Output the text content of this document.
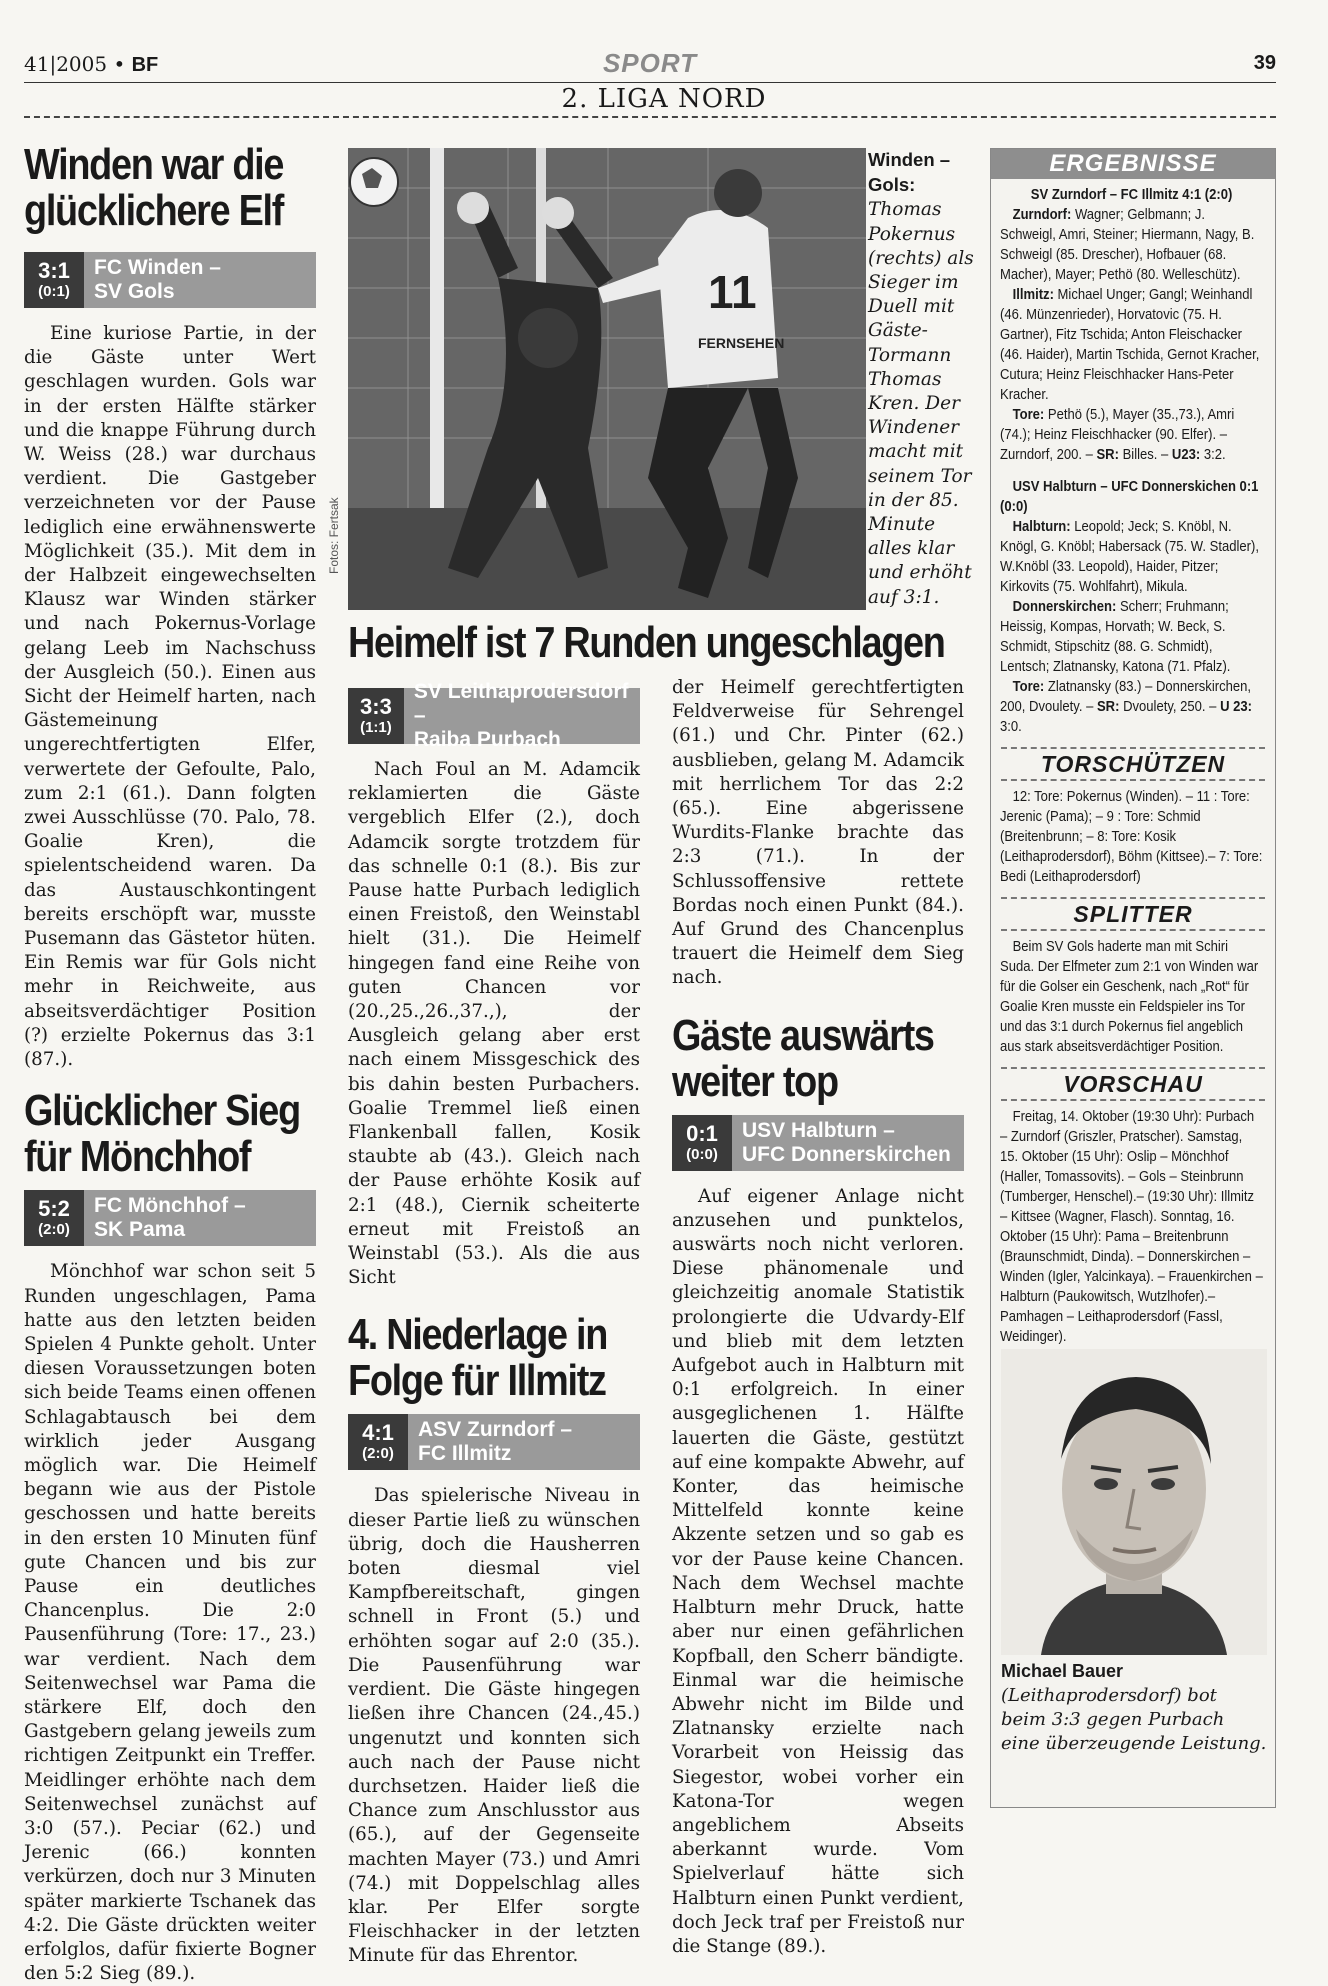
41|2005 • BF	SPORT	39
2. LIGA NORD
Winden war die
glücklichere Elf
3:1
(0:1)
FC Winden –
SV Gols

Eine kuriose Partie, in der die Gäste unter Wert geschlagen wurden. Gols war in der ersten Hälfte stärker und die knappe Führung durch W. Weiss (28.) war durchaus verdient. Die Gastgeber verzeichneten vor der Pause lediglich eine erwähnenswerte Möglichkeit (35.). Mit dem in der Halbzeit eingewechselten Klausz war Winden stärker und nach Pokernus-Vorlage gelang Leeb im Nachschuss der Ausgleich (50.). Einen aus Sicht der Heimelf harten, nach Gästemeinung ungerechtfertigten Elfer, verwertete der Gefoulte, Palo, zum 2:1 (61.). Dann folgten zwei Ausschlüsse (70. Palo, 78. Goalie Kren), die spielentscheidend waren. Da das Austauschkontingent bereits erschöpft war, musste Pusemann das Gästetor hüten. Ein Remis war für Gols nicht mehr in Reichweite, aus abseitsverdächtiger Position (?) erzielte Pokernus das 3:1 (87.).

Glücklicher Sieg
für Mönchhof
5:2
(2:0)
FC Mönchhof –
SK Pama

Mönchhof war schon seit 5 Runden ungeschlagen, Pama hatte aus den letzten beiden Spielen 4 Punkte geholt. Unter diesen Voraussetzungen boten sich beide Teams einen offenen Schlagabtausch bei dem wirklich jeder Ausgang möglich war. Die Heimelf begann wie aus der Pistole geschossen und hatte bereits in den ersten 10 Minuten fünf gute Chancen und bis zur Pause ein deutliches Chancenplus. Die 2:0 Pausenführung (Tore: 17., 23.) war verdient. Nach dem Seitenwechsel war Pama die stärkere Elf, doch den Gastgebern gelang jeweils zum richtigen Zeitpunkt ein Treffer. Meidlinger erhöhte nach dem Seitenwechsel zunächst auf 3:0 (57.). Peciar (62.) und Jerenic (66.) konnten verkürzen, doch nur 3 Minuten später markierte Tschanek das 4:2. Die Gäste drückten weiter erfolglos, dafür fixierte Bogner den 5:2 Sieg (89.).

11
FERNSEHEN
Fotos: Fertsak
Winden – Gols: Thomas Pokernus (rechts) als Sieger im Duell mit Gäste-Tormann Thomas Kren. Der Windener macht mit seinem Tor in der 85. Minute alles klar und erhöht auf 3:1.
Heimelf ist 7 Runden ungeschlagen
3:3
(1:1)
SV Leithaprodersdorf –
Raiba Purbach

Nach Foul an M. Adamcik reklamierten die Gäste vergeblich Elfer (2.), doch Adamcik sorgte trotzdem für das schnelle 0:1 (8.). Bis zur Pause hatte Purbach lediglich einen Freistoß, den Weinstabl hielt (31.). Die Heimelf hingegen fand eine Reihe von guten Chancen vor (20.,25.,26.,37.,), der Ausgleich gelang aber erst nach einem Missgeschick des bis dahin besten Purbachers. Goalie Tremmel ließ einen Flankenball fallen, Kosik staubte ab (43.). Gleich nach der Pause erhöhte Kosik auf 2:1 (48.), Ciernik scheiterte erneut mit Freistoß an Weinstabl (53.). Als die aus Sicht

4. Niederlage in
Folge für Illmitz
4:1
(2:0)
ASV Zurndorf –
FC Illmitz

Das spielerische Niveau in dieser Partie ließ zu wünschen übrig, doch die Hausherren boten diesmal viel Kampfbereitschaft, gingen schnell in Front (5.) und erhöhten sogar auf 2:0 (35.). Die Pausenführung war verdient. Die Gäste hingegen ließen ihre Chancen (24.,45.) ungenutzt und konnten sich auch nach der Pause nicht durchsetzen. Haider ließ die Chance zum Anschlusstor aus (65.), auf der Gegenseite machten Mayer (73.) und Amri (74.) mit Doppelschlag alles klar. Per Elfer sorgte Fleischhacker in der letzten Minute für das Ehrentor.

der Heimelf gerechtfertigten Feldverweise für Sehrengel (61.) und Chr. Pinter (62.) ausblieben, gelang M. Adamcik mit herrlichem Tor das 2:2 (65.). Eine abgerissene Wurdits-Flanke brachte das 2:3 (71.). In der Schlussoffensive rettete Bordas noch einen Punkt (84.). Auf Grund des Chancenplus trauert die Heimelf dem Sieg nach.

Gäste auswärts
weiter top
0:1
(0:0)
USV Halbturn –
UFC Donnerskirchen

Auf eigener Anlage nicht anzusehen und punktelos, auswärts noch nicht verloren. Diese phänomenale und gleichzeitig anomale Statistik prolongierte die Udvardy-Elf und blieb mit dem letzten Aufgebot auch in Halbturn mit 0:1 erfolgreich. In einer ausgeglichenen 1. Hälfte lauerten die Gäste, gestützt auf eine kompakte Abwehr, auf Konter, das heimische Mittelfeld konnte keine Akzente setzen und so gab es vor der Pause keine Chancen. Nach dem Wechsel machte Halbturn mehr Druck, hatte aber nur einen gefährlichen Kopfball, den Scherr bändigte. Einmal war die heimische Abwehr nicht im Bilde und Zlatnansky erzielte nach Vorarbeit von Heissig das Siegestor, wobei vorher ein Katona-Tor wegen angeblichem Abseits aberkannt wurde. Vom Spielverlauf hätte sich Halbturn einen Punkt verdient, doch Jeck traf per Freistoß nur die Stange (89.).

ERGEBNISSE
SV Zurndorf – FC Illmitz 4:1 (2:0)
Zurndorf: Wagner; Gelbmann; J. Schweigl, Amri, Steiner; Hiermann, Nagy, B. Schweigl (85. Drescher), Hofbauer (68. Macher), Mayer; Pethö (80. Welleschütz).
Illmitz: Michael Unger; Gangl; Weinhandl (46. Münzenrieder), Horvatovic (75. H. Gartner), Fitz Tschida; Anton Fleischacker (46. Haider), Martin Tschida, Gernot Kracher, Cutura; Heinz Fleischhacker Hans-Peter Kracher.
Tore: Pethö (5.), Mayer (35.,73.), Amri (74.); Heinz Fleischhacker (90. Elfer). – Zurndorf, 200. – SR: Billes. – U23: 3:2.
USV Halbturn – UFC Donnerskichen 0:1 (0:0)
Halbturn: Leopold; Jeck; S. Knöbl, N. Knögl, G. Knöbl; Habersack (75. W. Stadler), W.Knöbl (33. Leopold), Haider, Pitzer; Kirkovits (75. Wohlfahrt), Mikula.
Donnerskirchen: Scherr; Fruhmann; Heissig, Kompas, Horvath; W. Beck, S. Schmidt, Stipschitz (88. G. Schmidt), Lentsch; Zlatnansky, Katona (71. Pfalz).
Tore: Zlatnansky (83.) – Donnerskirchen, 200, Dvoulety. – SR: Dvoulety, 250. – U 23: 3:0.
TORSCHÜTZEN
12: Tore: Pokernus (Winden). – 11 : Tore: Jerenic (Pama); – 9 : Tore: Schmid (Breitenbrunn; – 8: Tore: Kosik (Leithaprodersdorf), Böhm (Kittsee).– 7: Tore: Bedi (Leithaprodersdorf)
SPLITTER
Beim SV Gols haderte man mit Schiri Suda. Der Elfmeter zum 2:1 von Winden war für die Golser ein Geschenk, nach „Rot“ für Goalie Kren musste ein Feldspieler ins Tor und das 3:1 durch Pokernus fiel angeblich aus stark abseitsverdächtiger Position.
VORSCHAU
Freitag, 14. Oktober (19:30 Uhr): Purbach – Zurndorf (Griszler, Pratscher). Samstag, 15. Oktober (15 Uhr): Oslip – Mönchhof (Haller, Tomassovits). – Gols – Steinbrunn (Tumberger, Henschel).– (19:30 Uhr): Illmitz – Kittsee (Wagner, Flasch). Sonntag, 16. Oktober (15 Uhr): Pama – Breitenbrunn (Braunschmidt, Dinda). – Donnerskirchen – Winden (Igler, Yalcinkaya). – Frauenkirchen – Halbturn (Paukowitsch, Wutzlhofer).– Pamhagen – Leithaprodersdorf (Fassl, Weidinger).
Michael Bauer (Leithaprodersdorf) bot beim 3:3 gegen Purbach eine überzeugende Leistung.
